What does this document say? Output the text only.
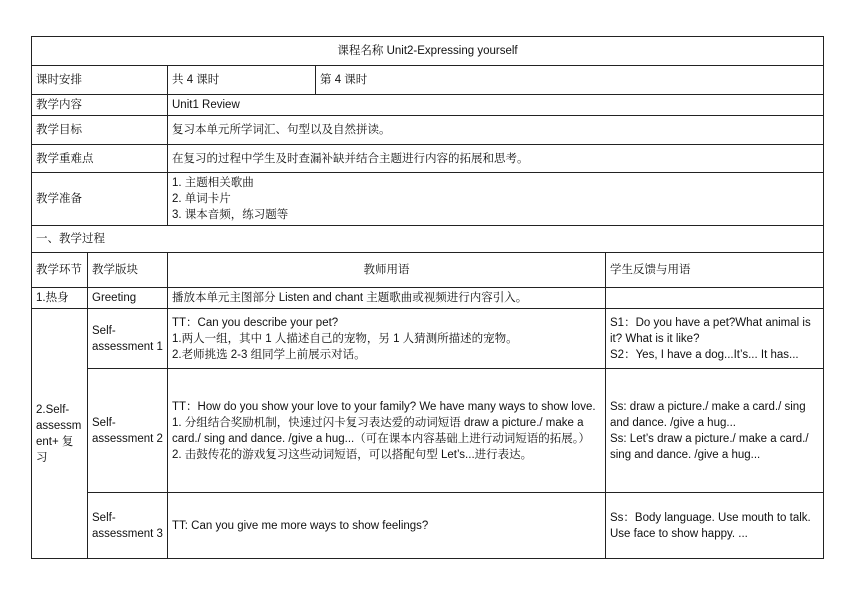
课程名称 Unit2-Expressing yourself				
课时安排		共 4 课时	第 4 课时	
教学内容		Unit1 Review		
教学目标		复习本单元所学词汇、句型以及自然拼读。		
教学重难点		在复习的过程中学生及时查漏补缺并结合主题进行内容的拓展和思考。		
教学准备		1. 主题相关歌曲
2. 单词卡片
3. 课本音频，练习题等		

一、教学过程				
教学环节	教学版块	教师用语		学生反馈与用语
1.热身	Greeting	播放本单元主图部分 Listen and chant 主题歌曲或视频进行内容引入。		
2.Self-assessment+ 复习	Self-assessment 1	TT：Can you describe your pet?
1.两人一组，其中 1 人描述自己的宠物，另 1 人猜测所描述的宠物。
2.老师挑选 2-3 组同学上前展示对话。		S1：Do you have a pet?What animal is it? What is it like?
S2：Yes, I have a dog...It’s... It has...

	Self-assessment 2	TT：How do you show your love to your family? We have many ways to show love.
1. 分组结合奖励机制，快速过闪卡复习表达爱的动词短语 draw a picture./ make a card./ sing and dance. /give a hug...（可在课本内容基础上进行动词短语的拓展。）
2. 击鼓传花的游戏复习这些动词短语，可以搭配句型 Let’s...进行表达。		Ss: draw a picture./ make a card./ sing and dance. /give a hug...
Ss: Let’s draw a picture./ make a card./ sing and dance. /give a hug...

	Self-assessment 3	TT: Can you give me more ways to show feelings?		Ss：Body language. Use mouth to talk. Use face to show happy. ...
